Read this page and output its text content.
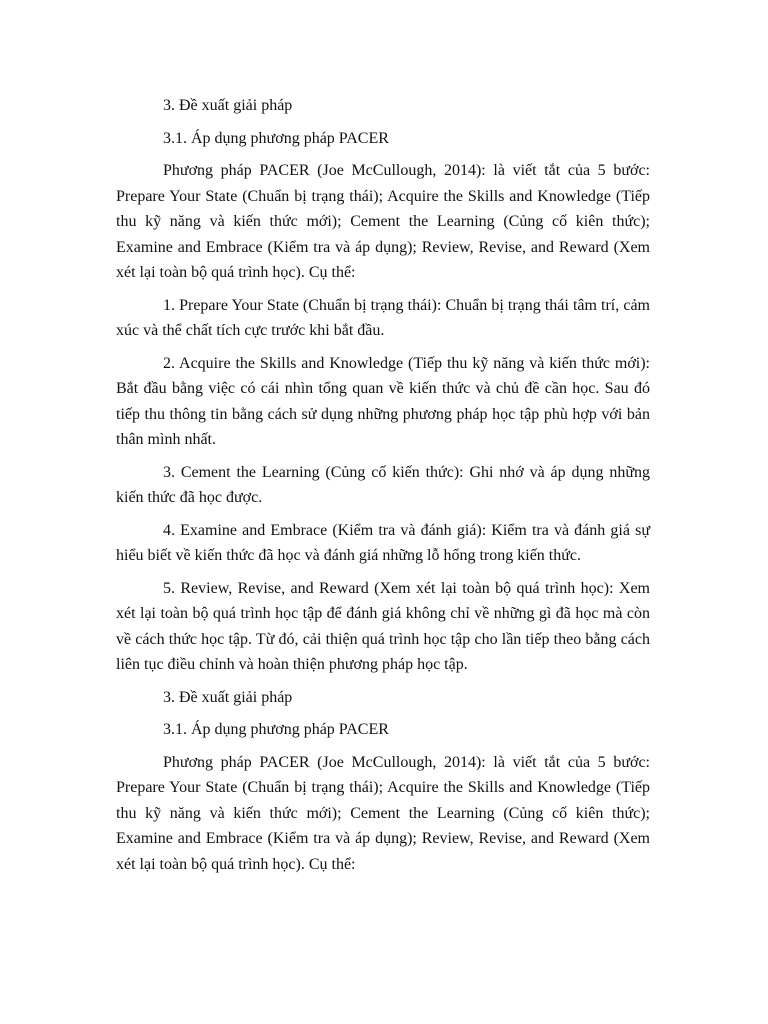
3. Đề xuất giải pháp

3.1. Áp dụng phương pháp PACER

Phương pháp PACER (Joe McCullough, 2014): là viết tắt của 5 bước: Prepare Your State (Chuẩn bị trạng thái); Acquire the Skills and Knowledge (Tiếp thu kỹ năng và kiến thức mới); Cement the Learning (Củng cố kiên thức); Examine and Embrace (Kiểm tra và áp dụng); Review, Revise, and Reward (Xem xét lại toàn bộ quá trình học). Cụ thể:

1. Prepare Your State (Chuẩn bị trạng thái): Chuẩn bị trạng thái tâm trí, cảm xúc và thể chất tích cực trước khi bắt đầu.

2. Acquire the Skills and Knowledge (Tiếp thu kỹ năng và kiến thức mới): Bắt đầu bằng việc có cái nhìn tổng quan về kiến thức và chủ đề cần học. Sau đó tiếp thu thông tin bằng cách sử dụng những phương pháp học tập phù hợp với bản thân mình nhất.

3. Cement the Learning (Củng cố kiến thức): Ghi nhớ và áp dụng những kiến thức đã học được.

4. Examine and Embrace (Kiểm tra và đánh giá): Kiểm tra và đánh giá sự hiểu biết về kiến thức đã học và đánh giá những lỗ hổng trong kiến thức.

5. Review, Revise, and Reward (Xem xét lại toàn bộ quá trình học): Xem xét lại toàn bộ quá trình học tập để đánh giá không chỉ về những gì đã học mà còn về cách thức học tập. Từ đó, cải thiện quá trình học tập cho lần tiếp theo bằng cách liên tục điều chỉnh và hoàn thiện phương pháp học tập.

3. Đề xuất giải pháp

3.1. Áp dụng phương pháp PACER

Phương pháp PACER (Joe McCullough, 2014): là viết tắt của 5 bước: Prepare Your State (Chuẩn bị trạng thái); Acquire the Skills and Knowledge (Tiếp thu kỹ năng và kiến thức mới); Cement the Learning (Củng cố kiên thức); Examine and Embrace (Kiểm tra và áp dụng); Review, Revise, and Reward (Xem xét lại toàn bộ quá trình học). Cụ thể:
